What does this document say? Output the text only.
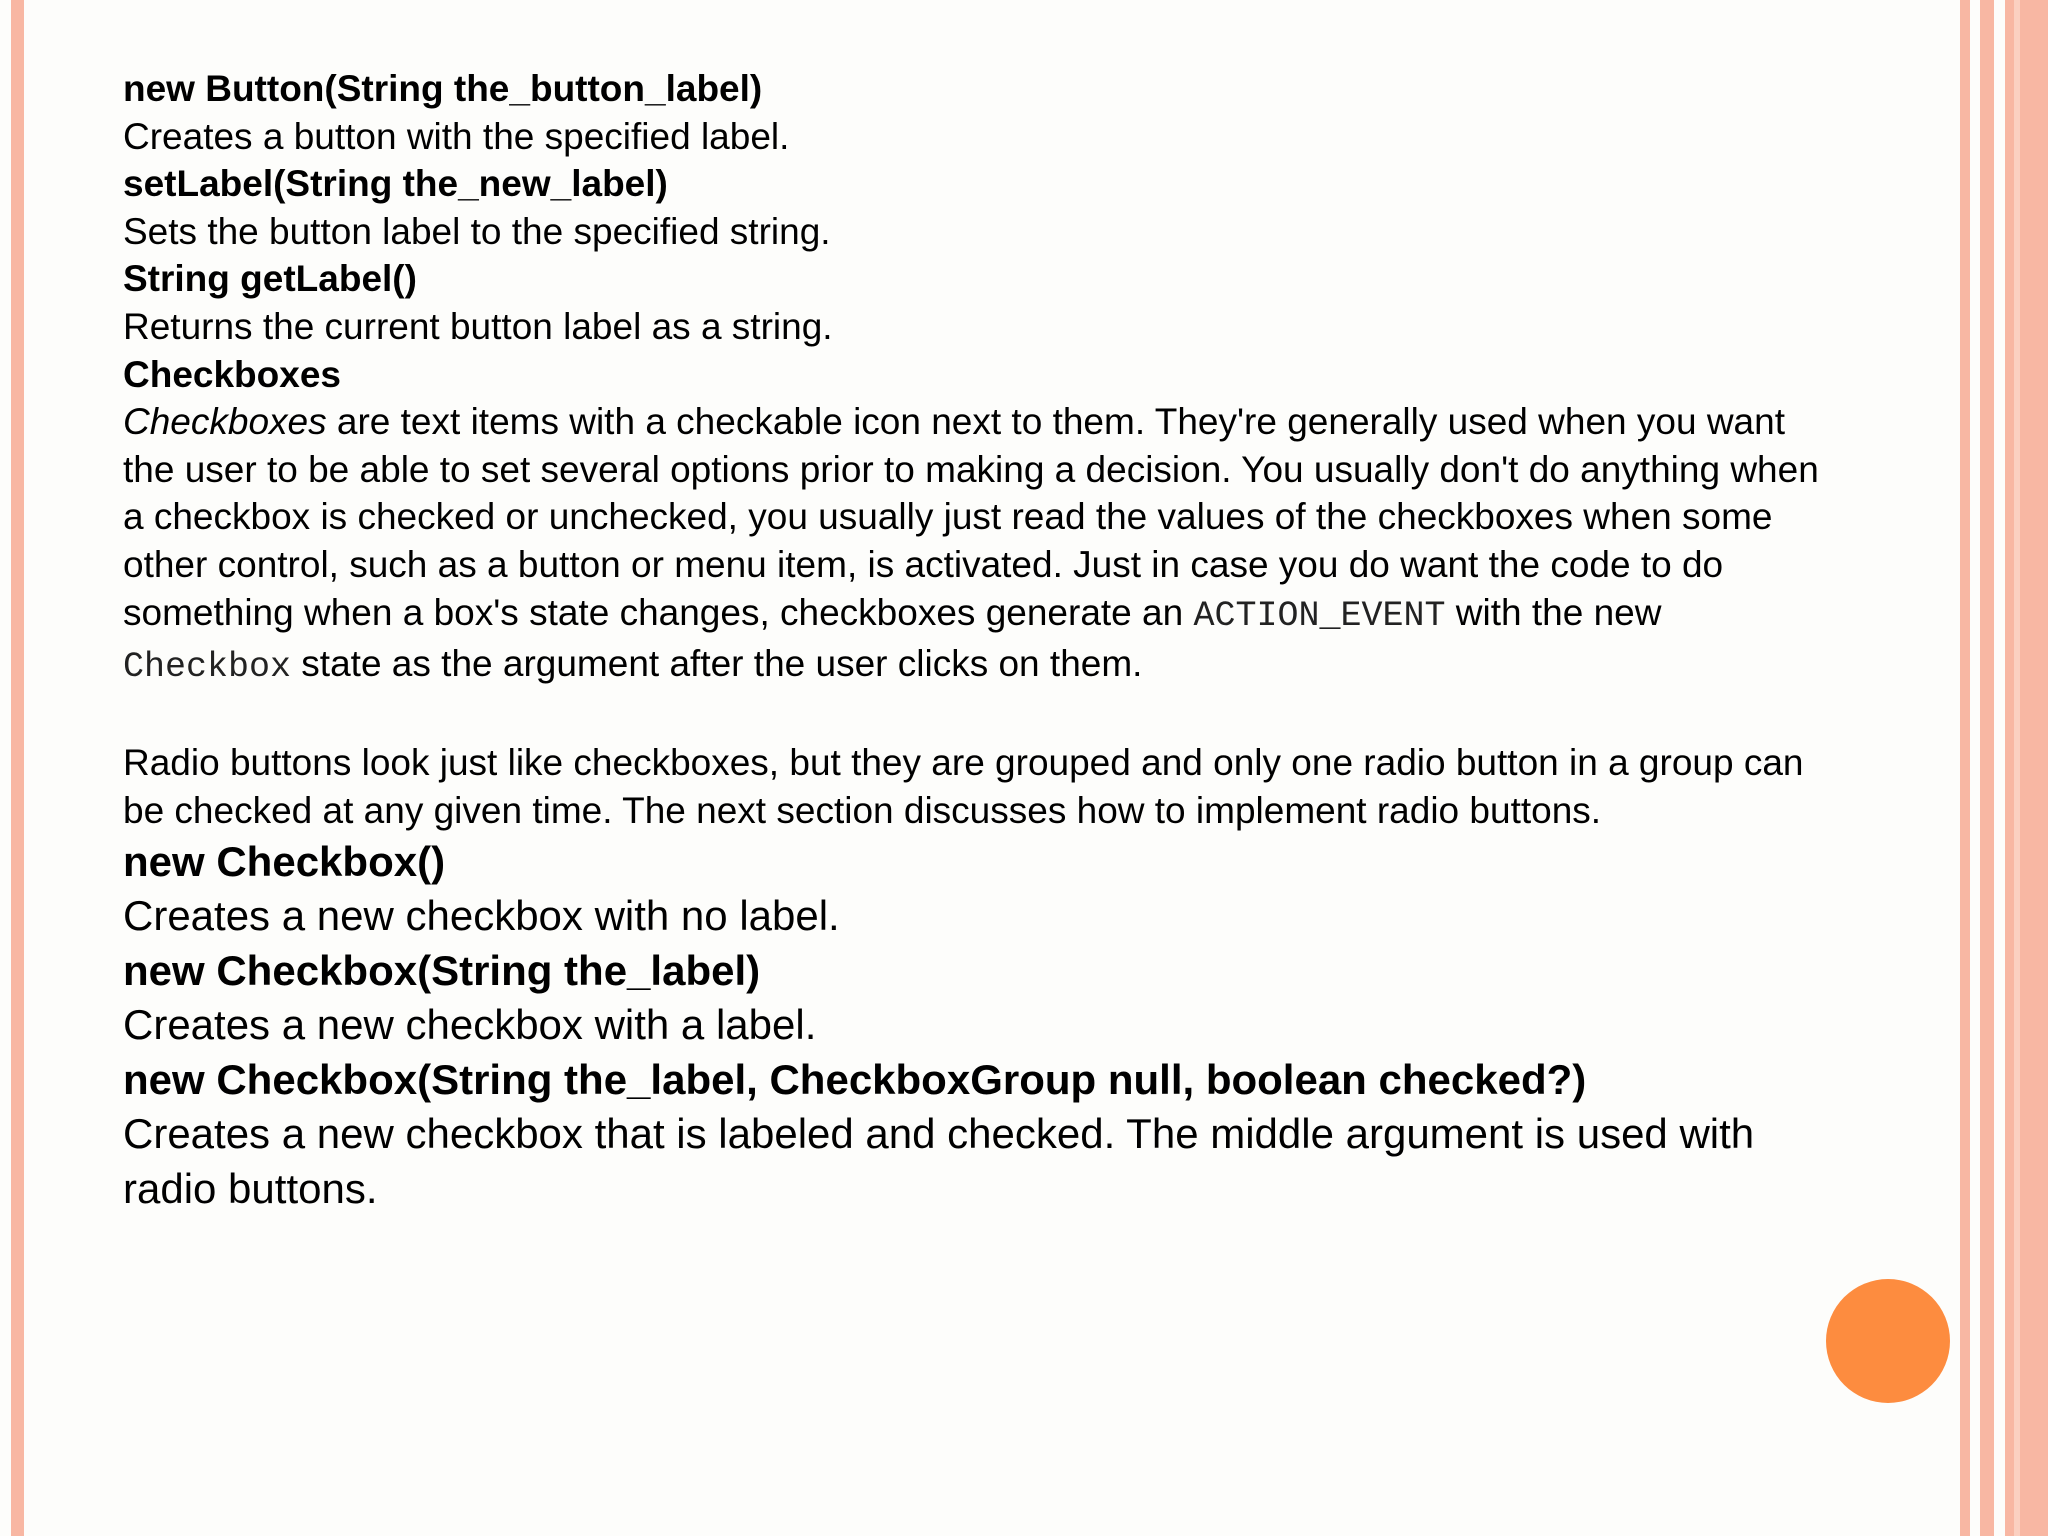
new Button(String the_button_label)
Creates a button with the specified label.
setLabel(String the_new_label)
Sets the button label to the specified string.
String getLabel()
Returns the current button label as a string.
Checkboxes
Checkboxes are text items with a checkable icon next to them. They're generally used when you want
the user to be able to set several options prior to making a decision. You usually don't do anything when
a checkbox is checked or unchecked, you usually just read the values of the checkboxes when some
other control, such as a button or menu item, is activated. Just in case you do want the code to do
something when a box's state changes, checkboxes generate an ACTION_EVENT with the new
Checkbox state as the argument after the user clicks on them.
Radio buttons look just like checkboxes, but they are grouped and only one radio button in a group can
be checked at any given time. The next section discusses how to implement radio buttons.
new Checkbox()
Creates a new checkbox with no label.
new Checkbox(String the_label)
Creates a new checkbox with a label.
new Checkbox(String the_label, CheckboxGroup null, boolean checked?)
Creates a new checkbox that is labeled and checked. The middle argument is used with
radio buttons.
